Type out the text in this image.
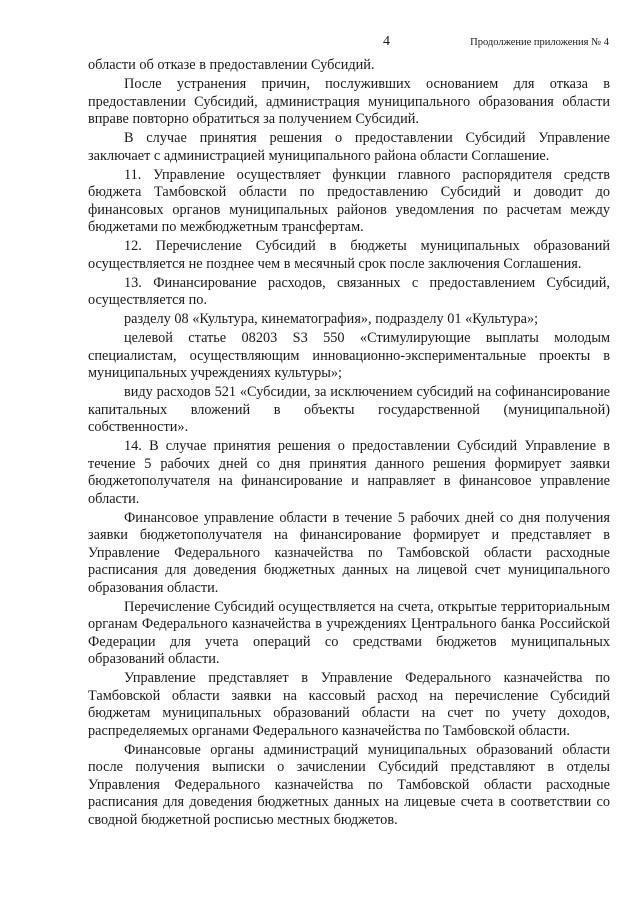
4	Продолжение приложения № 4

области об отказе в предоставлении Субсидий.

После устранения причин, послуживших основанием для отказа в предоставлении Субсидий, администрация муниципального образования области вправе повторно обратиться за получением Субсидий.

В случае принятия решения о предоставлении Субсидий Управление заключает с администрацией муниципального района области Соглашение.

11. Управление осуществляет функции главного распорядителя средств бюджета Тамбовской области по предоставлению Субсидий и доводит до финансовых органов муниципальных районов уведомления по расчетам между бюджетами по межбюджетным трансфертам.

12. Перечисление Субсидий в бюджеты муниципальных образований осуществляется не позднее чем в месячный срок после заключения Соглашения.

13. Финансирование расходов, связанных с предоставлением Субсидий, осуществляется по.

разделу 08 «Культура, кинематография», подразделу 01 «Культура»;

целевой статье 08203 S3 550 «Стимулирующие выплаты молодым специалистам, осуществляющим инновационно-экспериментальные проекты в муниципальных учреждениях культуры»;

виду расходов 521 «Субсидии, за исключением субсидий на софинансирование капитальных вложений в объекты государственной (муниципальной) собственности».

14. В случае принятия решения о предоставлении Субсидий Управление в течение 5 рабочих дней со дня принятия данного решения формирует заявки бюджетополучателя на финансирование и направляет в финансовое управление области.

Финансовое управление области в течение 5 рабочих дней со дня получения заявки бюджетополучателя на финансирование формирует и представляет в Управление Федерального казначейства по Тамбовской области расходные расписания для доведения бюджетных данных на лицевой счет муниципального образования области.

Перечисление Субсидий осуществляется на счета, открытые территориальным органам Федерального казначейства в учреждениях Центрального банка Российской Федерации для учета операций со средствами бюджетов муниципальных образований области.

Управление представляет в Управление Федерального казначейства по Тамбовской области заявки на кассовый расход на перечисление Субсидий бюджетам муниципальных образований области на счет по учету доходов, распределяемых органами Федерального казначейства по Тамбовской области.

Финансовые органы администраций муниципальных образований области после получения выписки о зачислении Субсидий представляют в отделы Управления Федерального казначейства по Тамбовской области расходные расписания для доведения бюджетных данных на лицевые счета в соответствии со сводной бюджетной росписью местных бюджетов.
